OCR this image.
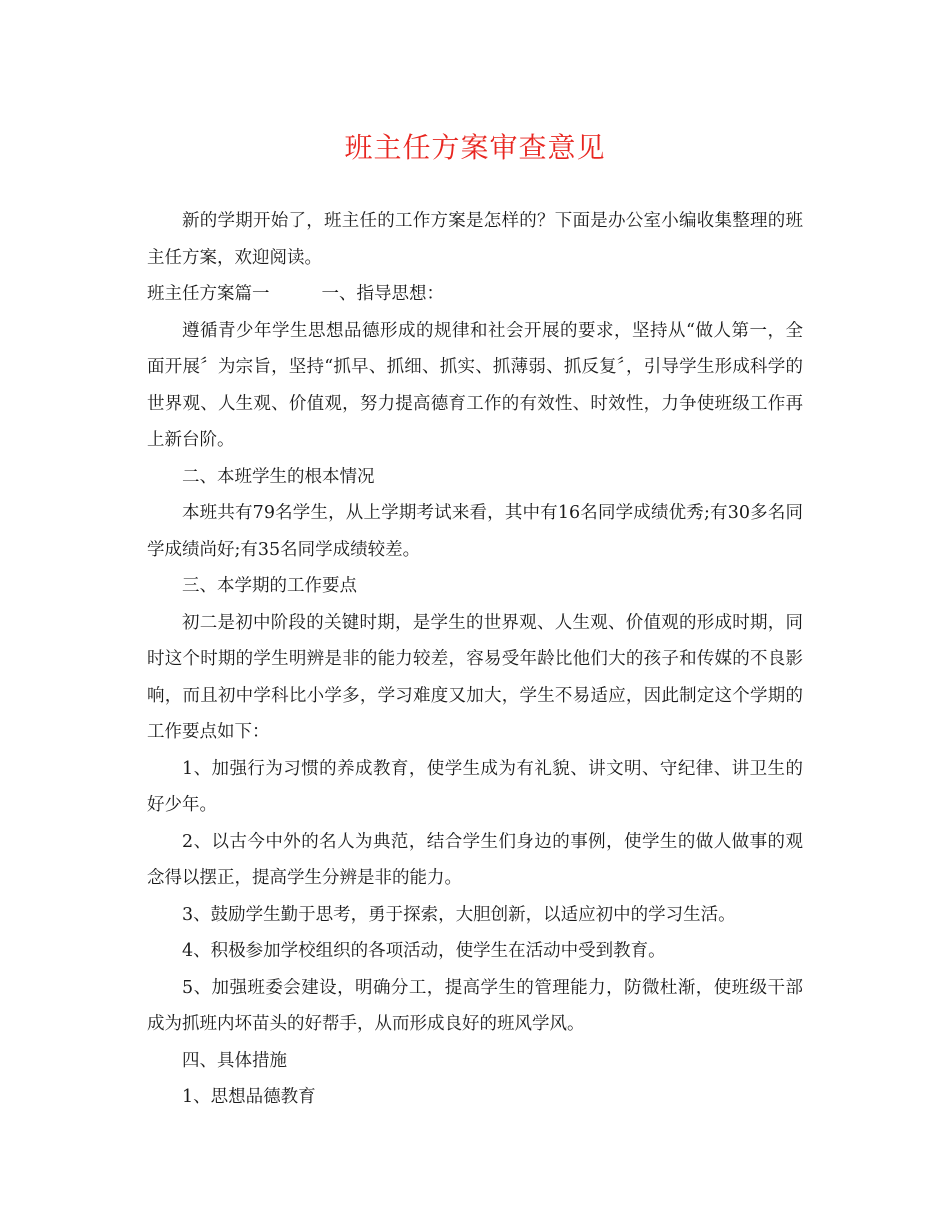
班主任方案审查意见

新的学期开始了，班主任的工作方案是怎样的？下面是办公室小编收集整理的班主任方案，欢迎阅读。

班主任方案篇一	一、指导思想：

遵循青少年学生思想品德形成的规律和社会开展的要求，坚持从“做人第一，全面开展〞为宗旨，坚持“抓早、抓细、抓实、抓薄弱、抓反复〞，引导学生形成科学的世界观、人生观、价值观，努力提高德育工作的有效性、时效性，力争使班级工作再上新台阶。

二、本班学生的根本情况

本班共有79名学生，从上学期考试来看，其中有16名同学成绩优秀;有30多名同学成绩尚好;有35名同学成绩较差。

三、本学期的工作要点

初二是初中阶段的关键时期，是学生的世界观、人生观、价值观的形成时期，同时这个时期的学生明辨是非的能力较差，容易受年龄比他们大的孩子和传媒的不良影响，而且初中学科比小学多，学习难度又加大，学生不易适应，因此制定这个学期的工作要点如下：

1、加强行为习惯的养成教育，使学生成为有礼貌、讲文明、守纪律、讲卫生的好少年。

2、以古今中外的名人为典范，结合学生们身边的事例，使学生的做人做事的观念得以摆正，提高学生分辨是非的能力。

3、鼓励学生勤于思考，勇于探索，大胆创新，以适应初中的学习生活。

4、积极参加学校组织的各项活动，使学生在活动中受到教育。

5、加强班委会建设，明确分工，提高学生的管理能力，防微杜渐，使班级干部成为抓班内坏苗头的好帮手，从而形成良好的班风学风。

四、具体措施

1、思想品德教育
